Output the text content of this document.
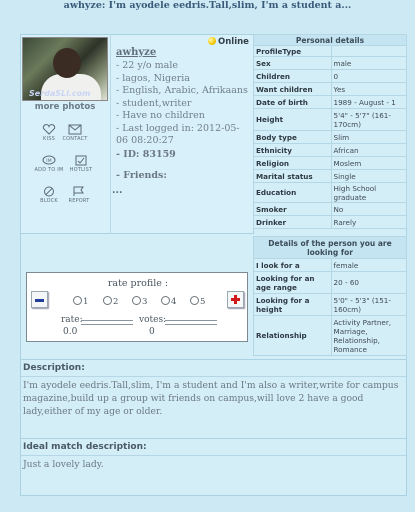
awhyze: I'm ayodele eedris.Tall,slim, I'm a student a...
SerdaSLi.com
more photos
KISS	CONTACT
IM
ADD TO IM	HOTLIST
BLOCK	REPORT
Online
awhyze
- 22 y/o male
- lagos, Nigeria
- English, Arabic, Afrikaans
- student,writer
- Have no children
- Last logged in: 2012-05-06 08:20:27
- ID: 83159
- Friends:
...
Personal details	
ProfileType	
Sex	male
Children	0
Want children	Yes
Date of birth	1989 - August - 1
Height	5'4" - 5'7" (161-170cm)
Body type	Slim
Ethnicity	African
Religion	Moslem
Marital status	Single
Education	High School graduate
Smoker	No
Drinker	Rarely
Details of the person you are looking for	
I look for a	female
Looking for an age range	20 - 60
Looking for a height	5'0" - 5'3" (151-160cm)
Relationship	Activity Partner, Marriage, Relationship, Romance
rate profile :
1	2	3	4	5
rate:
0.0
votes:
0
Description:

I'm ayodele eedris.Tall,slim, I'm a student and I'm also a writer,write for campus magazine,build up a group wit friends on campus,will love 2 have a good lady,either of my age or older.

Ideal match description:

Just a lovely lady.
